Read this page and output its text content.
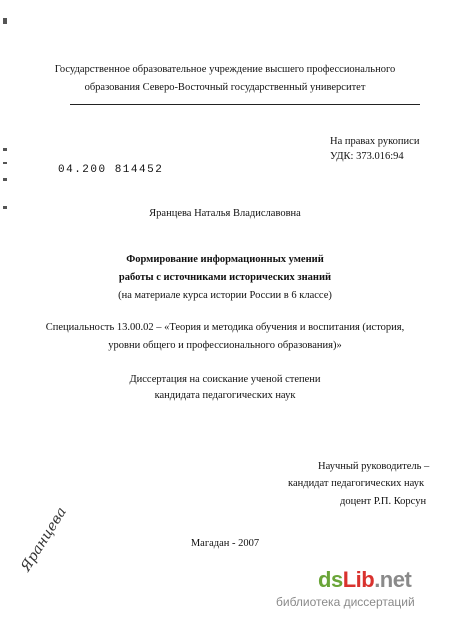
Государственное образовательное учреждение высшего профессионального
образования Северо-Восточный государственный университет
На правах рукописи
УДК: 373.016:94
04.200 814452
Яранцева Наталья Владиславовна
Формирование информационных умений
работы с источниками исторических знаний
(на материале курса истории России в 6 классе)
Специальность 13.00.02 – «Теория и методика обучения и воспитания (история,
уровни общего и профессионального образования)»
Диссертация на соискание ученой степени
кандидата педагогических наук
Научный руководитель –
кандидат педагогических наук
доцент Р.П. Корсун
Магадан - 2007
Яранцева
dsLib.net
библиотека диссертаций
